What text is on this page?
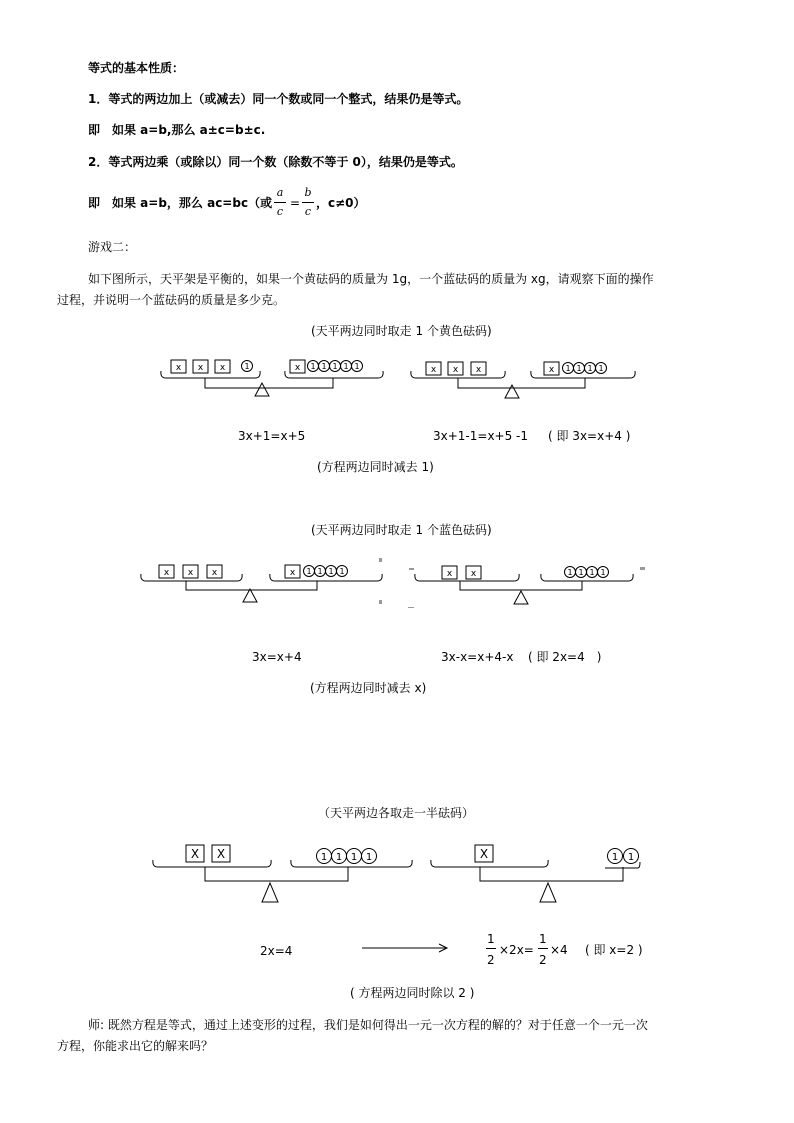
等式的基本性质：
1．等式的两边加上（或减去）同一个数或同一个整式，结果仍是等式。
即　如果 a=b,那么 a±c=b±c.
2．等式两边乘（或除以）同一个数（除数不等于 0），结果仍是等式。
即　如果 a=b，那么 ac=bc（或
a
c
=
b
c
，c≠0）
游戏二：
如下图所示，天平架是平衡的，如果一个黄砝码的质量为 1g，一个蓝砝码的质量为 xg，请观察下面的操作
过程，并说明一个蓝砝码的质量是多少克。
(天平两边同时取走 1 个黄色砝码)
x x x 1	x 1 1 1 1 1	x x x	x 1 1 1 1
3x+1=x+5	3x+1-1=x+5 -1 ( 即 3x=x+4 )
(方程两边同时减去 1)
(天平两边同时取走 1 个蓝色砝码)
x x x	x 1 1 1 1	x x	1 1 1 1
3x=x+4	3x-x=x+4-x ( 即 2x=4　)
(方程两边同时减去 x)
（天平两边各取走一半砝码）
X X	1 1 1 1	X	1 1
2x=4
1
2
×2x=
1
2
×4 ( 即 x=2 )
( 方程两边同时除以 2 )
师: 既然方程是等式，通过上述变形的过程，我们是如何得出一元一次方程的解的？对于任意一个一元一次
方程，你能求出它的解来吗？
